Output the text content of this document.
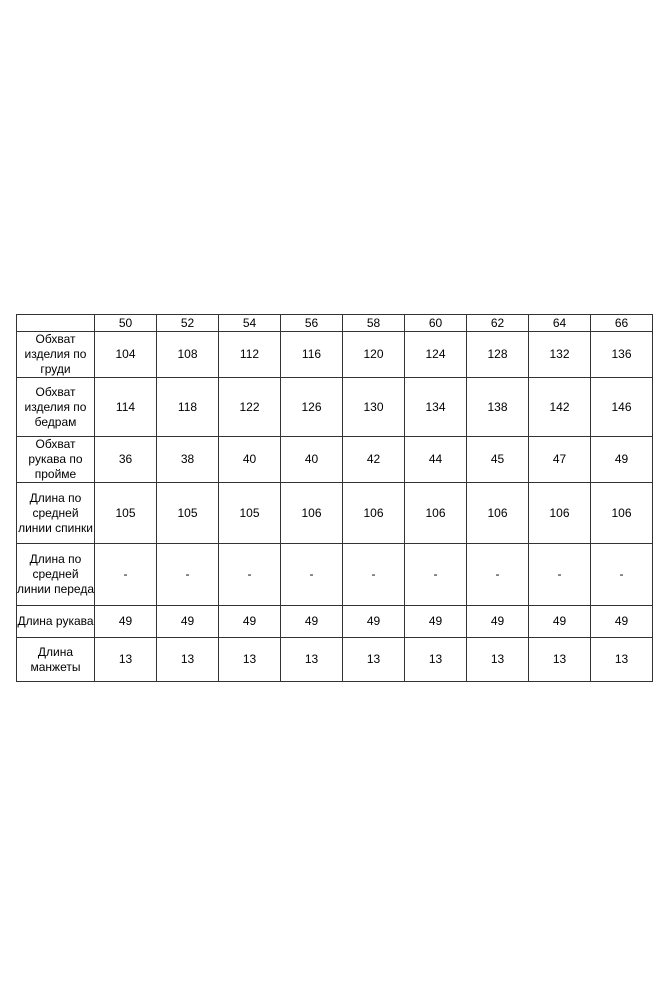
	50	52	54	56	58	60	62	64	66
Обхват изделия по груди	104	108	112	116	120	124	128	132	136
Обхват изделия по бедрам	114	118	122	126	130	134	138	142	146
Обхват рукава по пройме	36	38	40	40	42	44	45	47	49
Длина по средней линии спинки	105	105	105	106	106	106	106	106	106
Длина по средней линии переда	-	-	-	-	-	-	-	-	-
Длина рукава	49	49	49	49	49	49	49	49	49
Длина манжеты	13	13	13	13	13	13	13	13	13
